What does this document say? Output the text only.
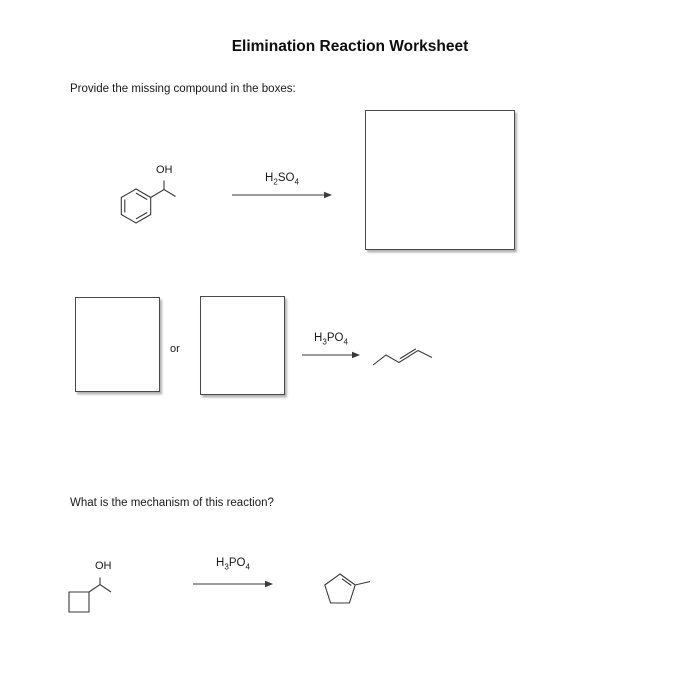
Elimination Reaction Worksheet

Provide the missing compound in the boxes:

OH
$H_2SO_4$
or
$H_3PO_4$

What is the mechanism of this reaction?

OH	$H_3PO_4$
